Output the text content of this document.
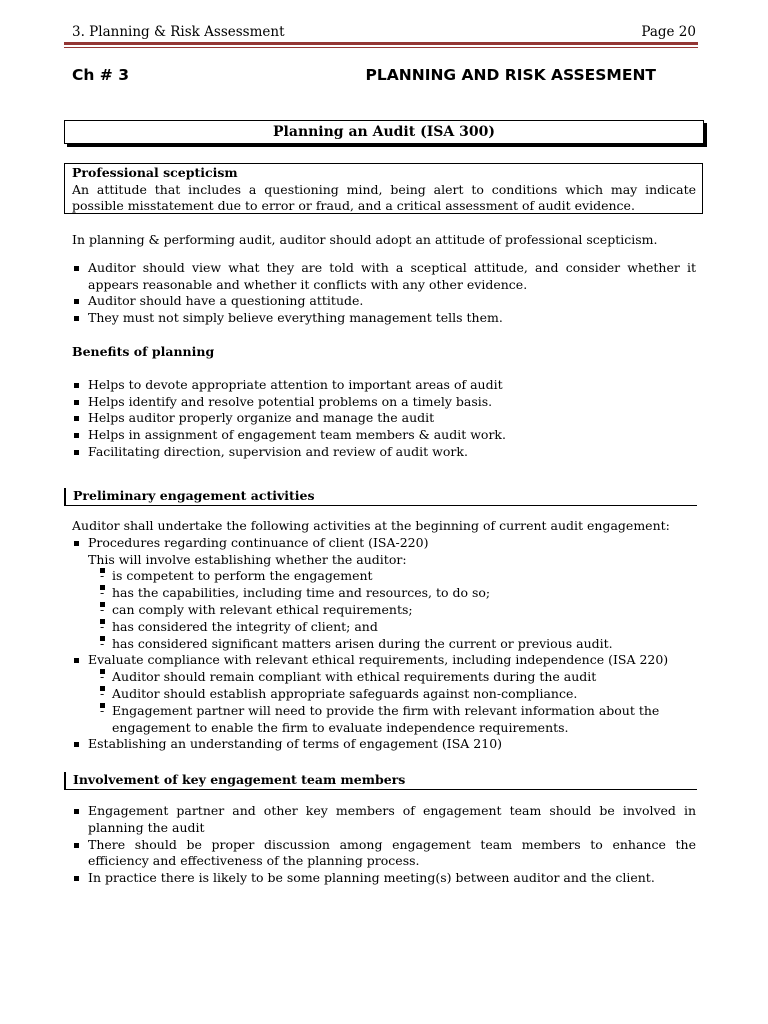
3. Planning & Risk Assessment	Page 20
Ch # 3	PLANNING AND RISK ASSESMENT
Planning an Audit (ISA 300)
Professional scepticism
An attitude that includes a questioning mind, being alert to conditions which may indicate possible misstatement due to error or fraud, and a critical assessment of audit evidence.

In planning & performing audit, auditor should adopt an attitude of professional scepticism.

Auditor should view what they are told with a sceptical attitude, and consider whether it appears reasonable and whether it conflicts with any other evidence.
Auditor should have a questioning attitude.
They must not simply believe everything management tells them.

Benefits of planning

Helps to devote appropriate attention to important areas of audit
Helps identify and resolve potential problems on a timely basis.
Helps auditor properly organize and manage the audit
Helps in assignment of engagement team members & audit work.
Facilitating direction, supervision and review of audit work.
Preliminary engagement activities

Auditor shall undertake the following activities at the beginning of current audit engagement:

Procedures regarding continuance of client (ISA-220)
This will involve establishing whether the auditor:
- is competent to perform the engagement
- has the capabilities, including time and resources, to do so;
- can comply with relevant ethical requirements;
- has considered the integrity of client; and
- has considered significant matters arisen during the current or previous audit.
Evaluate compliance with relevant ethical requirements, including independence (ISA 220)
- Auditor should remain compliant with ethical requirements during the audit
- Auditor should establish appropriate safeguards against non-compliance.
- Engagement partner will need to provide the firm with relevant information about the engagement to enable the firm to evaluate independence requirements.
Establishing an understanding of terms of engagement (ISA 210)
Involvement of key engagement team members
Engagement partner and other key members of engagement team should be involved in planning the audit
There should be proper discussion among engagement team members to enhance the efficiency and effectiveness of the planning process.
In practice there is likely to be some planning meeting(s) between auditor and the client.
